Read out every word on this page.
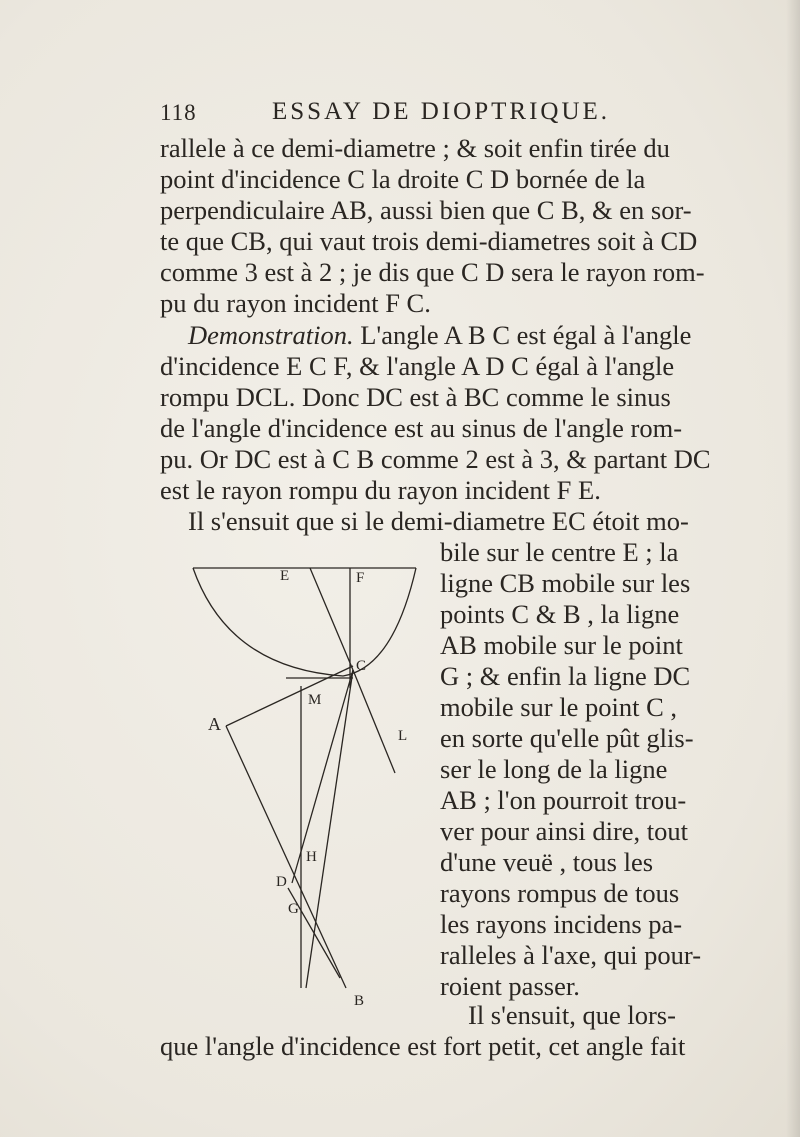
118	ESSAY DE DIOPTRIQUE.
rallele à ce demi-diametre ; & soit enfin tirée du
point d'incidence C la droite C D bornée de la
perpendiculaire AB, aussi bien que C B, & en sor-
te que CB, qui vaut trois demi-diametres soit à CD
comme 3 est à 2 ; je dis que C D sera le rayon rom-
pu du rayon incident F C.
Demonstration. L'angle A B C est égal à l'angle
d'incidence E C F, & l'angle A D C égal à l'angle
rompu DCL. Donc DC est à BC comme le sinus
de l'angle d'incidence est au sinus de l'angle rom-
pu. Or DC est à C B comme 2 est à 3, & partant DC
est le rayon rompu du rayon incident F E.
Il s'ensuit que si le demi-diametre EC étoit mo-
bile sur le centre E ; la
ligne CB mobile sur les
points C & B , la ligne
AB mobile sur le point
G ; & enfin la ligne DC
mobile sur le point C ,
en sorte qu'elle pût glis-
ser le long de la ligne
AB ; l'on pourroit trou-
ver pour ainsi dire, tout
d'une veuë , tous les
rayons rompus de tous
les rayons incidens pa-
ralleles à l'axe, qui pour-
roient passer.
Il s'ensuit, que lors-
que l'angle d'incidence est fort petit, cet angle fait
E	F
C
M
A
L
H
D
G
B
